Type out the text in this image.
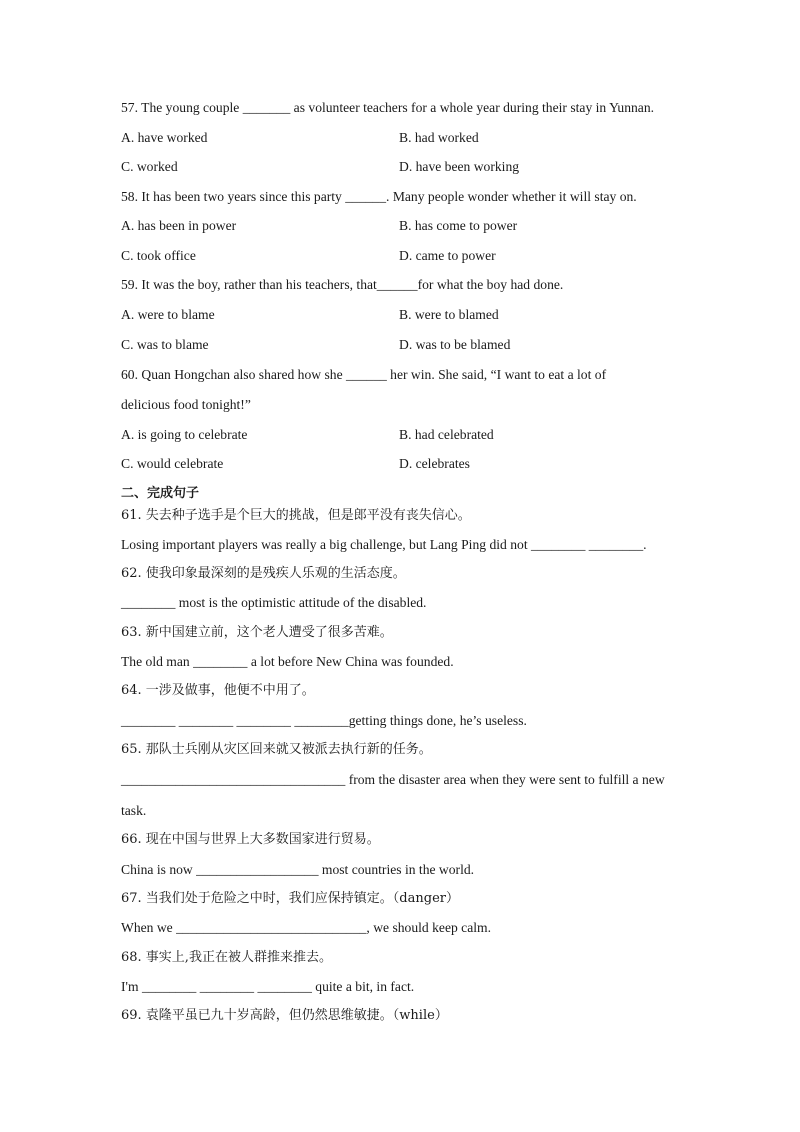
57. The young couple _______ as volunteer teachers for a whole year during their stay in Yunnan.
A. have worked	B. had worked
C. worked	D. have been working
58. It has been two years since this party ______. Many people wonder whether it will stay on.
A. has been in power	B. has come to power
C. took office	D. came to power
59. It was the boy, rather than his teachers, that______for what the boy had done.
A. were to blame	B. were to blamed
C. was to blame	D. was to be blamed
60. Quan Hongchan also shared how she ______ her win. She said, “I want to eat a lot of
delicious food tonight!”
A. is going to celebrate	B. had celebrated
C. would celebrate	D. celebrates
二、完成句子
61. 失去种子选手是个巨大的挑战，但是郎平没有丧失信心。
Losing important players was really a big challenge, but Lang Ping did not ________ ________.
62. 使我印象最深刻的是残疾人乐观的生活态度。
________ most is the optimistic attitude of the disabled.
63. 新中国建立前，这个老人遭受了很多苦难。
The old man ________ a lot before New China was founded.
64. 一涉及做事，他便不中用了。
________ ________ ________ ________getting things done, he’s useless.
65. 那队士兵刚从灾区回来就又被派去执行新的任务。
_________________________________ from the disaster area when they were sent to fulfill a new
task.
66. 现在中国与世界上大多数国家进行贸易。
China is now __________________ most countries in the world.
67. 当我们处于危险之中时，我们应保持镇定。（danger）
When we ____________________________, we should keep calm.
68. 事实上,我正在被人群推来推去。
I'm ________ ________ ________ quite a bit, in fact.
69. 袁隆平虽已九十岁高龄，但仍然思维敏捷。（while）
